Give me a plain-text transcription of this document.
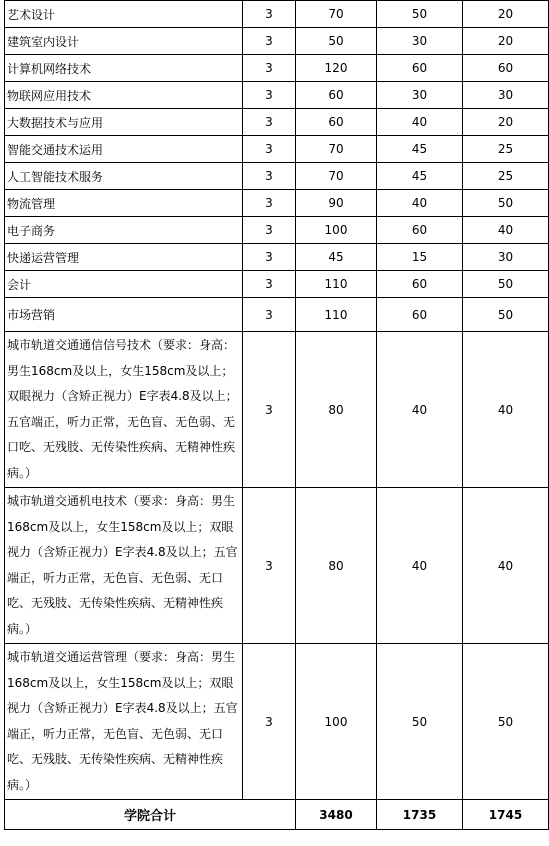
艺术设计	3	70	50	20
建筑室内设计	3	50	30	20
计算机网络技术	3	120	60	60
物联网应用技术	3	60	30	30
大数据技术与应用	3	60	40	20
智能交通技术运用	3	70	45	25
人工智能技术服务	3	70	45	25
物流管理	3	90	40	50
电子商务	3	100	60	40
快递运营管理	3	45	15	30
会计	3	110	60	50
市场营销	3	110	60	50
城市轨道交通通信信号技术（要求：身高：男生168cm及以上，女生158cm及以上；双眼视力（含矫正视力）E字表4.8及以上；五官端正，听力正常，无色盲、无色弱、无口吃、无残肢、无传染性疾病、无精神性疾病。）	3	80	40	40
城市轨道交通机电技术（要求：身高：男生168cm及以上，女生158cm及以上；双眼视力（含矫正视力）E字表4.8及以上；五官端正，听力正常，无色盲、无色弱、无口吃、无残肢、无传染性疾病、无精神性疾病。）	3	80	40	40
城市轨道交通运营管理（要求：身高：男生168cm及以上，女生158cm及以上；双眼视力（含矫正视力）E字表4.8及以上；五官端正，听力正常，无色盲、无色弱、无口吃、无残肢、无传染性疾病、无精神性疾病。）	3	100	50	50
学院合计		3480	1735	1745
